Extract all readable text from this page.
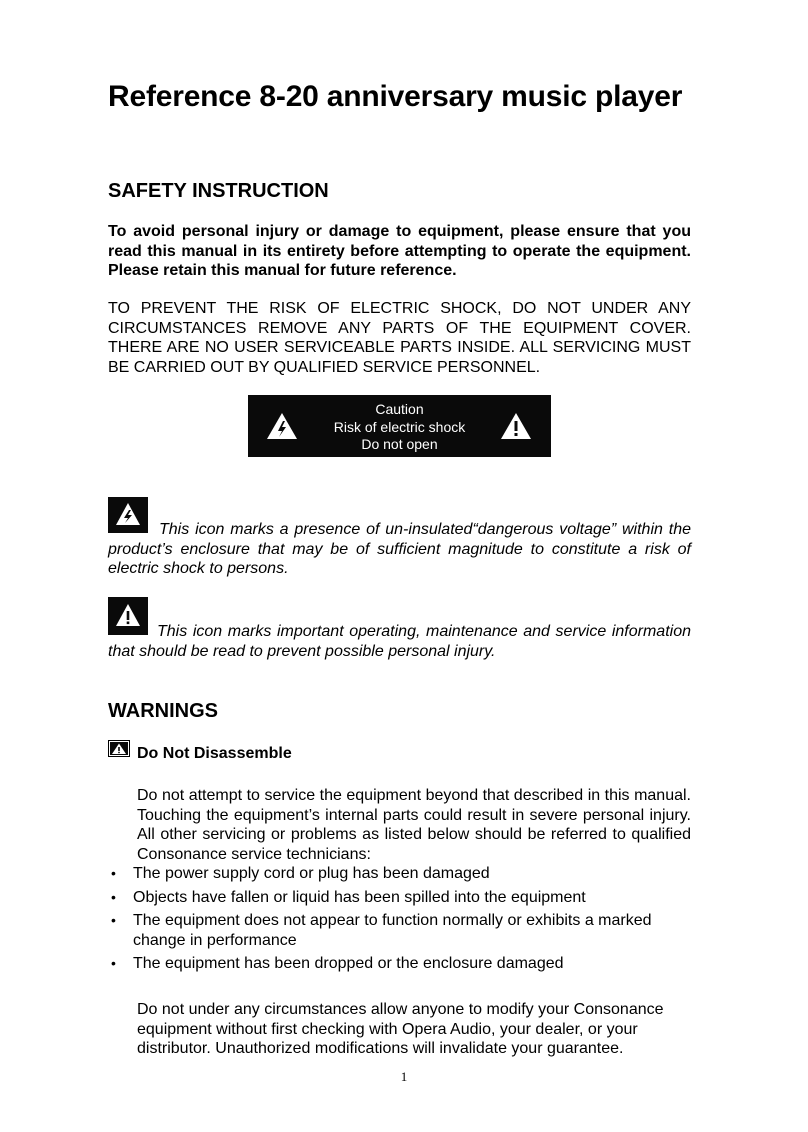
Reference 8-20 anniversary music player
SAFETY INSTRUCTION

To avoid personal injury or damage to equipment, please ensure that you read this manual in its entirety before attempting to operate the equipment. Please retain this manual for future reference.

TO PREVENT THE RISK OF ELECTRIC SHOCK, DO NOT UNDER ANY CIRCUMSTANCES REMOVE ANY PARTS OF THE EQUIPMENT COVER. THERE ARE NO USER SERVICEABLE PARTS INSIDE. ALL SERVICING MUST BE CARRIED OUT BY QUALIFIED SERVICE PERSONNEL.

Caution
Risk of electric shock
Do not open

This icon marks a presence of un-insulated“dangerous voltage” within the product’s enclosure that may be of sufficient magnitude to constitute a risk of electric shock to persons.

This icon marks important operating, maintenance and service information that should be read to prevent possible personal injury.

WARNINGS
Do Not Disassemble

Do not attempt to service the equipment beyond that described in this manual. Touching the equipment’s internal parts could result in severe personal injury. All other servicing or problems as listed below should be referred to qualified Consonance service technicians:

• The power supply cord or plug has been damaged
• Objects have fallen or liquid has been spilled into the equipment
• The equipment does not appear to function normally or exhibits a marked change in performance
• The equipment has been dropped or the enclosure damaged

Do not under any circumstances allow anyone to modify your Consonance equipment without first checking with Opera Audio, your dealer, or your distributor. Unauthorized modifications will invalidate your guarantee.

1
